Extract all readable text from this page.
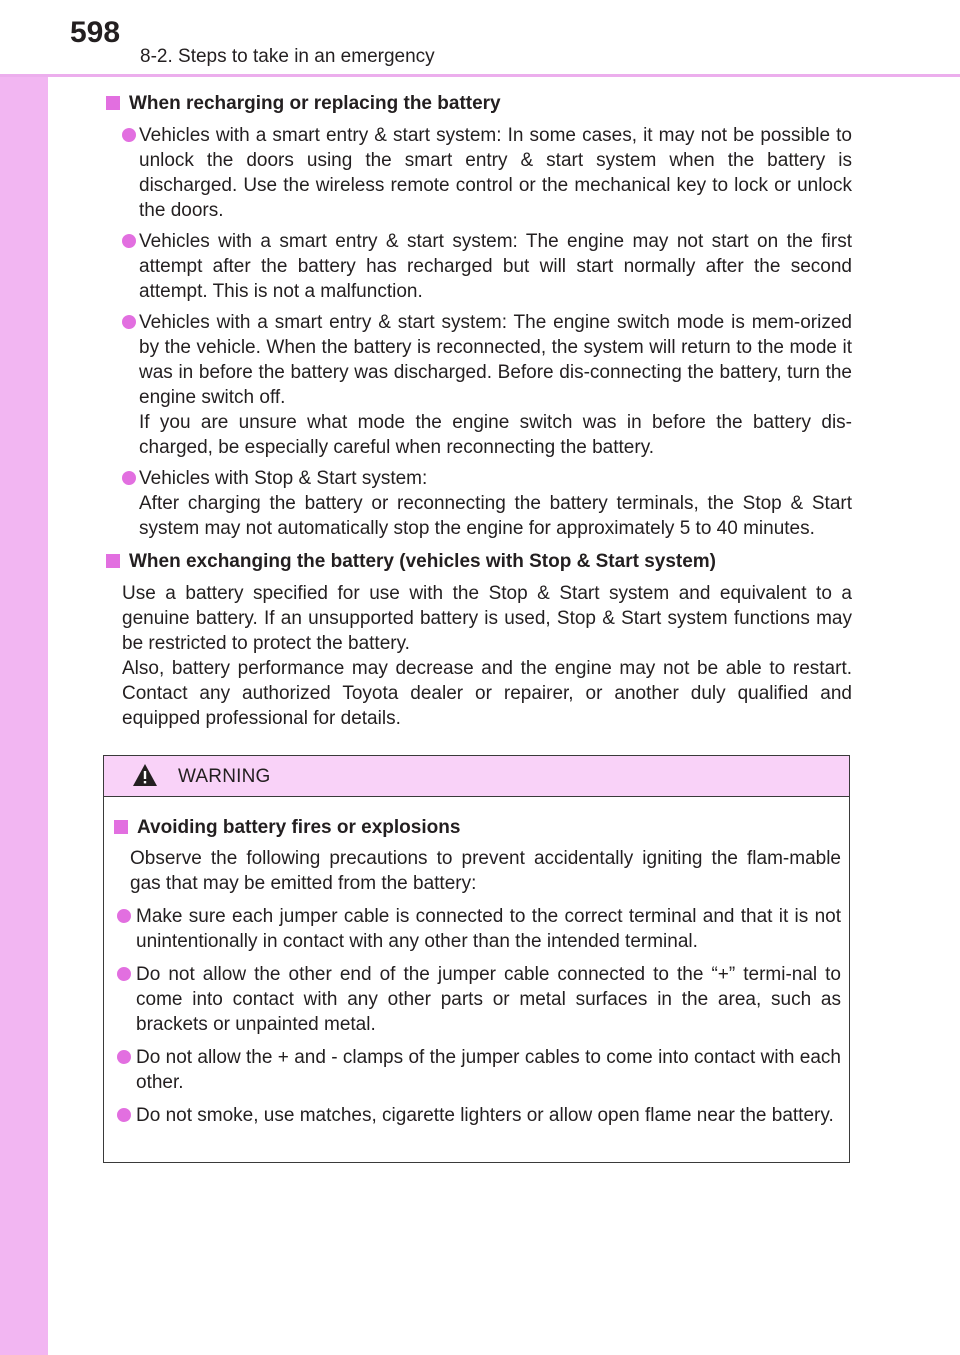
598
8-2. Steps to take in an emergency
When recharging or replacing the battery

Vehicles with a smart entry & start system: In some cases, it may not be possible to unlock the doors using the smart entry & start system when the battery is discharged. Use the wireless remote control or the mechanical key to lock or unlock the doors.

Vehicles with a smart entry & start system: The engine may not start on the first attempt after the battery has recharged but will start normally after the second attempt. This is not a malfunction.

Vehicles with a smart entry & start system: The engine switch mode is mem-orized by the vehicle. When the battery is reconnected, the system will return to the mode it was in before the battery was discharged. Before dis-connecting the battery, turn the engine switch off.

If you are unsure what mode the engine switch was in before the battery dis-charged, be especially careful when reconnecting the battery.

Vehicles with Stop & Start system:

After charging the battery or reconnecting the battery terminals, the Stop & Start system may not automatically stop the engine for approximately 5 to 40 minutes.

When exchanging the battery (vehicles with Stop & Start system)

Use a battery specified for use with the Stop & Start system and equivalent to a genuine battery. If an unsupported battery is used, Stop & Start system functions may be restricted to protect the battery.

Also, battery performance may decrease and the engine may not be able to restart. Contact any authorized Toyota dealer or repairer, or another duly qualified and equipped professional for details.

WARNING
Avoiding battery fires or explosions

Observe the following precautions to prevent accidentally igniting the flam-mable gas that may be emitted from the battery:

Make sure each jumper cable is connected to the correct terminal and that it is not unintentionally in contact with any other than the intended terminal.

Do not allow the other end of the jumper cable connected to the “+” termi-nal to come into contact with any other parts or metal surfaces in the area, such as brackets or unpainted metal.

Do not allow the + and - clamps of the jumper cables to come into contact with each other.

Do not smoke, use matches, cigarette lighters or allow open flame near the battery.
